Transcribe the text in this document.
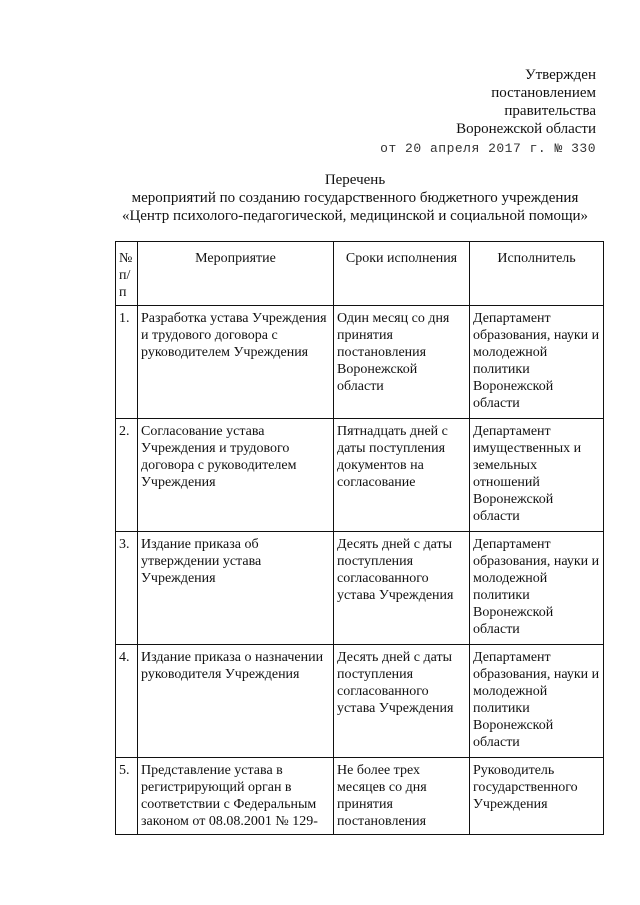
Утвержден
постановлением
правительства
Воронежской области
от 20 апреля 2017 г. № 330
Перечень
мероприятий по созданию государственного бюджетного учреждения
«Центр психолого-педагогической, медицинской и социальной помощи»
№ п/п	Мероприятие	Сроки исполнения	Исполнитель
1.	Разработка устава Учреждения и трудового договора с руководителем Учреждения	Один месяц со дня принятия постановления Воронежской области	Департамент образования, науки и молодежной политики Воронежской области
2.	Согласование устава Учреждения и трудового договора с руководителем Учреждения	Пятнадцать дней с даты поступления документов на согласование	Департамент имущественных и земельных отношений Воронежской области
3.	Издание приказа об утверждении устава Учреждения	Десять дней с даты поступления согласованного устава Учреждения	Департамент образования, науки и молодежной политики Воронежской области
4.	Издание приказа о назначении руководителя Учреждения	Десять дней с даты поступления согласованного устава Учреждения	Департамент образования, науки и молодежной политики Воронежской области
5.	Представление устава в регистрирующий орган в соответствии с Федеральным законом от 08.08.2001 № 129-	Не более трех месяцев со дня принятия постановления	Руководитель государственного Учреждения
